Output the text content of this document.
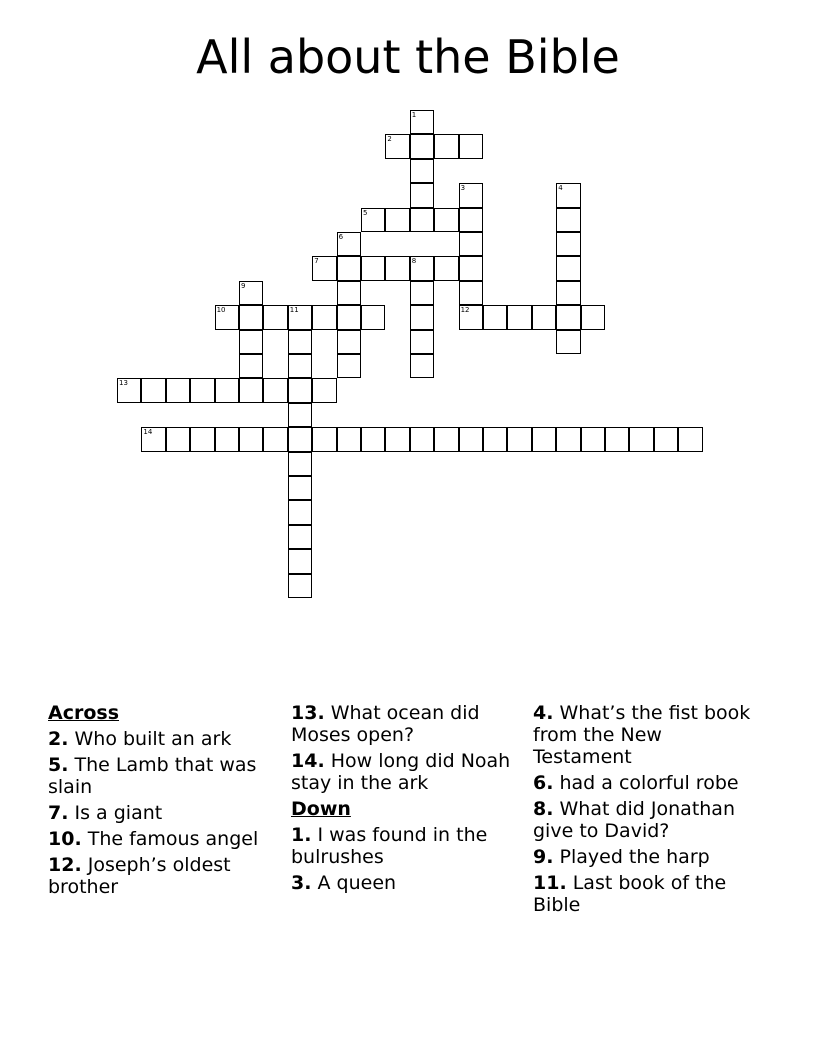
All about the Bible
1
2
3	4
5
6
7	8
9
10	11	12
13
14
Across
2. Who built an ark
5. The Lamb that was slain
7. Is a giant
10. The famous angel
12. Joseph’s oldest brother
13. What ocean did Moses open?
14. How long did Noah stay in the ark
Down
1. I was found in the bulrushes
3. A queen
4. What’s the fist book from the New Testament
6. had a colorful robe
8. What did Jonathan give to David?
9. Played the harp
11. Last book of the Bible
